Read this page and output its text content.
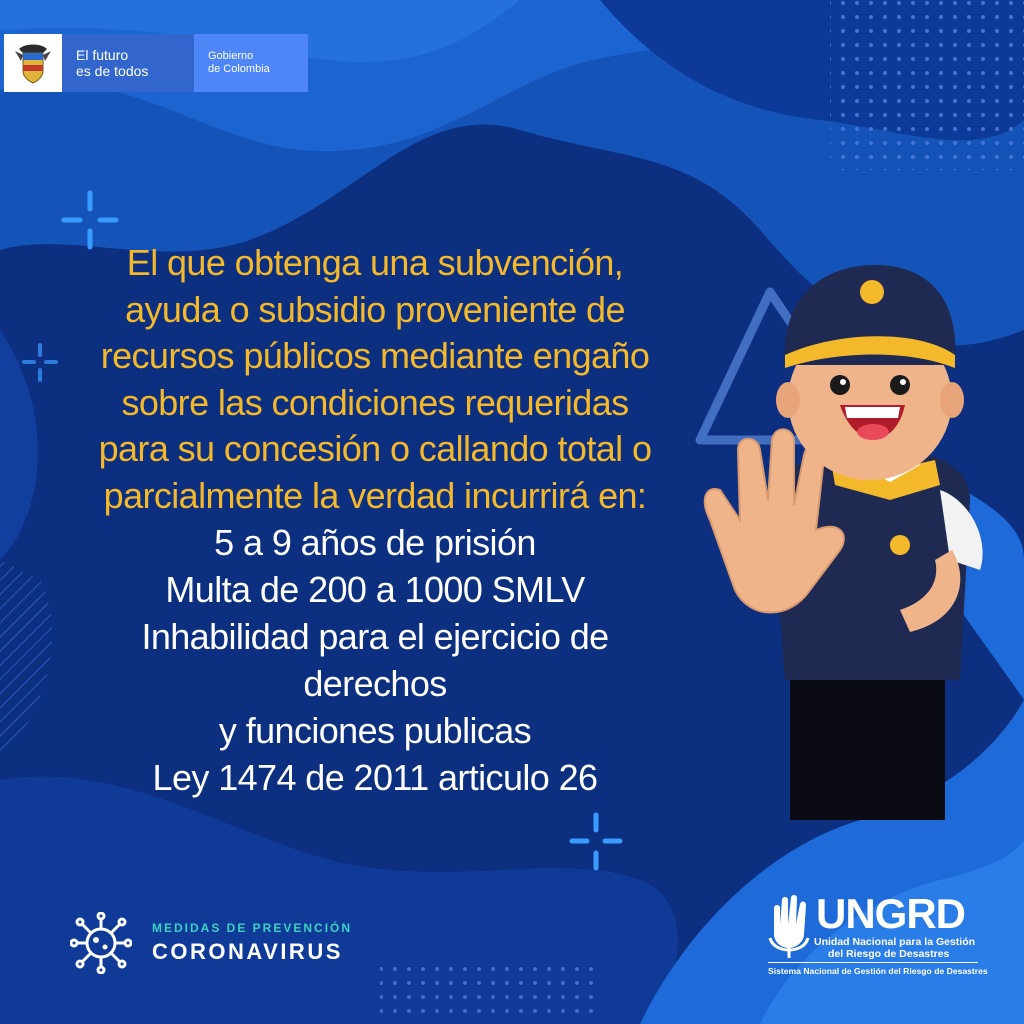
El futuro
es de todos
Gobierno
de Colombia
El que obtenga una subvención,
ayuda o subsidio proveniente de
recursos públicos mediante engaño
sobre las condiciones requeridas
para su concesión o callando total o
parcialmente la verdad incurrirá en:
5 a 9 años de prisión
Multa de 200 a 1000 SMLV
Inhabilidad para el ejercicio de
derechos
y funciones publicas
Ley 1474 de 2011 articulo 26
MEDIDAS DE PREVENCIÓN
CORONAVIRUS
UNGRD
Unidad Nacional para la Gestión
del Riesgo de Desastres
Sistema Nacional de Gestión del Riesgo de Desastres
